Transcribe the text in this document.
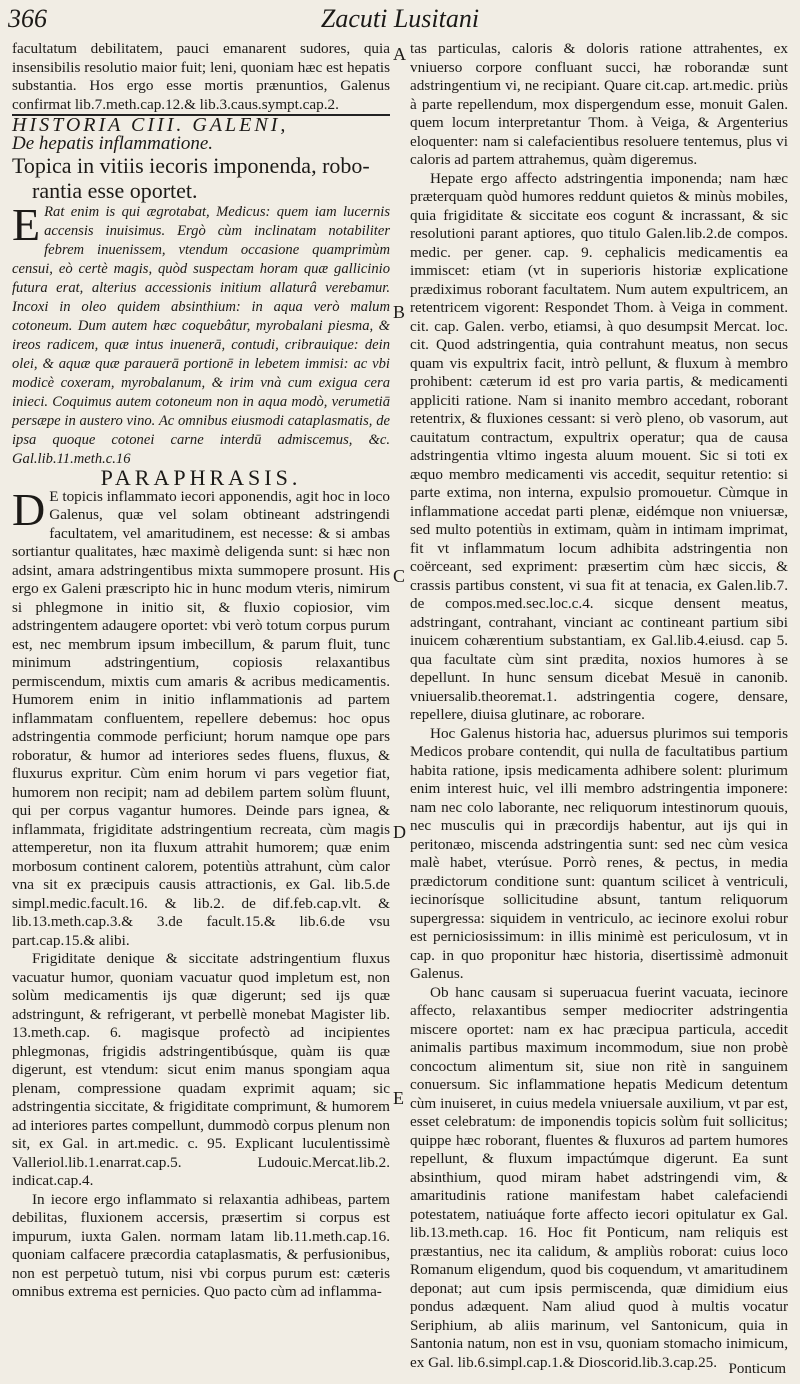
366	Zacuti Lusitani

facultatum debilitatem, pauci emanarent sudores, quia insensibilis resolutio maior fuit; leni, quoniam hæc est hepatis substantia. Hos ergo esse mortis prænuntios, Galenus confirmat lib.7.meth.cap.12.& lib.3.caus.sympt.cap.2.

HISTORIA CIII. GALENI,

De hepatis inflammatione.

Topica in vitiis iecoris imponenda, robo-
rantia esse oportet.

E Rat enim is qui ægrotabat, Medicus: quem iam lucernis accensis inuisimus. Ergò cùm inclinatam notabiliter febrem inuenissem, vtendum occasione quamprimùm censui, eò certè magis, quòd suspectam horam quæ gallicinio futura erat, alterius accessionis initium allaturâ verebamur. Incoxi in oleo quidem absinthium: in aqua verò malum cotoneum. Dum autem hæc coquebâtur, myrobalani piesma, & ireos radicem, quæ intus inuenerā, contudi, cribrauique: dein olei, & aquæ quæ parauerā portionē in lebetem immisi: ac vbi modicè coxeram, myrobalanum, & irim vnà cum exigua cera inieci. Coquimus autem cotoneum non in aqua modò, verumetiā persæpe in austero vino. Ac omnibus eiusmodi cataplasmatis, de ipsa quoque cotonei carne interdū admiscemus, &c. Gal.lib.11.meth.c.16

PARAPHRASIS.

D E topicis inflammato iecori apponendis, agit hoc in loco Galenus, quæ vel solam obtineant adstringendi facultatem, vel amaritudinem, est necesse: & si ambas sortiantur qualitates, hæc maximè deligenda sunt: si hæc non adsint, amara adstringentibus mixta summopere prosunt. His ergo ex Galeni præscripto hic in hunc modum vteris, nimirum si phlegmone in initio sit, & fluxio copiosior, vim adstringentem adaugere oportet: vbi verò totum corpus purum est, nec membrum ipsum imbecillum, & parum fluit, tunc minimum adstringentium, copiosis relaxantibus permiscendum, mixtis cum amaris & acribus medicamentis. Humorem enim in initio inflammationis ad partem inflammatam confluentem, repellere debemus: hoc opus adstringentia commode perficiunt; horum namque ope pars roboratur, & humor ad interiores sedes fluens, fluxus, & fluxurus expritur. Cùm enim horum vi pars vegetior fiat, humorem non recipit; nam ad debilem partem solùm fluunt, qui per corpus vagantur humores. Deinde pars ignea, & inflammata, frigiditate adstringentium recreata, cùm magis attemperetur, non ita fluxum attrahit humorem; quæ enim morbosum continent calorem, potentiùs attrahunt, cùm calor vna sit ex præcipuis causis attractionis, ex Gal. lib.5.de simpl.medic.facult.16. & lib.2. de dif.feb.cap.vlt. & lib.13.meth.cap.3.& 3.de facult.15.& lib.6.de vsu part.cap.15.& alibi.

Frigiditate denique & siccitate adstringentium fluxus vacuatur humor, quoniam vacuatur quod impletum est, non solùm medicamentis ijs quæ digerunt; sed ijs quæ adstringunt, & refrigerant, vt perbellè monebat Magister lib. 13.meth.cap. 6. magisque profectò ad incipientes phlegmonas, frigidis adstringentibúsque, quàm iis quæ digerunt, est vtendum: sicut enim manus spongiam aqua plenam, compressione quadam exprimit aquam; sic adstringentia siccitate, & frigiditate comprimunt, & humorem ad interiores partes compellunt, dummodò corpus plenum non sit, ex Gal. in art.medic. c. 95. Explicant luculentissimè Valleriol.lib.1.enarrat.cap.5. Ludouic.Mercat.lib.2. indicat.cap.4.

In iecore ergo inflammato si relaxantia adhibeas, partem debilitas, fluxionem accersis, præsertim si corpus est impurum, iuxta Galen. normam latam lib.11.meth.cap.16. quoniam calfacere præcordia cataplasmatis, & perfusionibus, non est perpetuò tutum, nisi vbi corpus purum est: cæteris omnibus extrema est pernicies. Quo pacto cùm ad inflamma-

tas particulas, caloris & doloris ratione attrahentes, ex vniuerso corpore confluant succi, hæ roborandæ sunt adstringentium vi, ne recipiant. Quare cit.cap. art.medic. priùs à parte repellendum, mox dispergendum esse, monuit Galen. quem locum interpretantur Thom. à Veiga, & Argenterius eloquenter: nam si calefacientibus resoluere tentemus, plus vi caloris ad partem attrahemus, quàm digeremus.

Hepate ergo affecto adstringentia imponenda; nam hæc præterquam quòd humores reddunt quietos & minùs mobiles, quia frigiditate & siccitate eos cogunt & incrassant, & sic resolutioni parant aptiores, quo titulo Galen.lib.2.de compos. medic. per gener. cap. 9. cephalicis medicamentis ea immiscet: etiam (vt in superioris historiæ explicatione prædiximus roborant facultatem. Num autem expultricem, an retentricem vigorent: Respondet Thom. à Veiga in comment. cit. cap. Galen. verbo, etiamsi, à quo desumpsit Mercat. loc. cit. Quod adstringentia, quia contrahunt meatus, non secus quam vis expultrix facit, intrò pellunt, & fluxum à membro prohibent: cæterum id est pro varia partis, & medicamenti appliciti ratione. Nam si inanito membro accedant, roborant retentrix, & fluxiones cessant: si verò pleno, ob vasorum, aut cauitatum contractum, expultrix operatur; qua de causa adstringentia vltimo ingesta aluum mouent. Sic si toti ex æquo membro medicamenti vis accedit, sequitur retentio: si parte extima, non interna, expulsio promouetur. Cùmque in inflammatione accedat parti plenæ, eidémque non vniuersæ, sed multo potentiùs in extimam, quàm in intimam imprimat, fit vt inflammatum locum adhibita adstringentia non coërceant, sed expriment: præsertim cùm hæc siccis, & crassis partibus constent, vi sua fit at tenacia, ex Galen.lib.7. de compos.med.sec.loc.c.4. sicque densent meatus, adstringant, contrahant, vinciant ac contineant partium sibi inuicem cohærentium substantiam, ex Gal.lib.4.eiusd. cap 5. qua facultate cùm sint prædita, noxios humores à se depellunt. In hunc sensum dicebat Mesuë in canonib. vniuersalib.theoremat.1. adstringentia cogere, densare, repellere, diuisa glutinare, ac roborare.

Hoc Galenus historia hac, aduersus plurimos sui temporis Medicos probare contendit, qui nulla de facultatibus partium habita ratione, ipsis medicamenta adhibere solent: plurimum enim interest huic, vel illi membro adstringentia imponere: nam nec colo laborante, nec reliquorum intestinorum quouis, nec musculis qui in præcordijs habentur, aut ijs qui in peritonæo, miscenda adstringentia sunt: sed nec cùm vesica malè habet, vterúsue. Porrò renes, & pectus, in media prædictorum conditione sunt: quantum scilicet à ventriculi, iecinorísque sollicitudine absunt, tantum reliquorum supergressa: siquidem in ventriculo, ac iecinore exolui robur est perniciosissimum: in illis minimè est periculosum, vt in cap. in quo proponitur hæc historia, disertissimè admonuit Galenus.

Ob hanc causam si superuacua fuerint vacuata, iecinore affecto, relaxantibus semper mediocriter adstringentia miscere oportet: nam ex hac præcipua particula, accedit animalis partibus maximum incommodum, siue non probè concoctum alimentum sit, siue non ritè in sanguinem conuersum. Sic inflammatione hepatis Medicum detentum cùm inuiseret, in cuius medela vniuersale auxilium, vt par est, esset celebratum: de imponendis topicis solùm fuit sollicitus; quippe hæc roborant, fluentes & fluxuros ad partem humores repellunt, & fluxum impactúmque digerunt. Ea sunt absinthium, quod miram habet adstringendi vim, & amaritudinis ratione manifestam habet calefaciendi potestatem, natiuáque forte affecto iecori opitulatur ex Gal. lib.13.meth.cap. 16. Hoc fit Ponticum, nam reliquis est præstantius, nec ita calidum, & ampliùs roborat: cuius loco Romanum eligendum, quod bis coquendum, vt amaritudinem deponat; aut cum ipsis permiscenda, quæ dimidium eius pondus adæquent. Nam aliud quod à multis vocatur Seriphium, ab aliis marinum, vel Santonicum, quia in Santonia natum, non est in vsu, quoniam stomacho inimicum, ex Gal. lib.6.simpl.cap.1.& Dioscorid.lib.3.cap.25.

A
B
C
D
E
Ponticum
